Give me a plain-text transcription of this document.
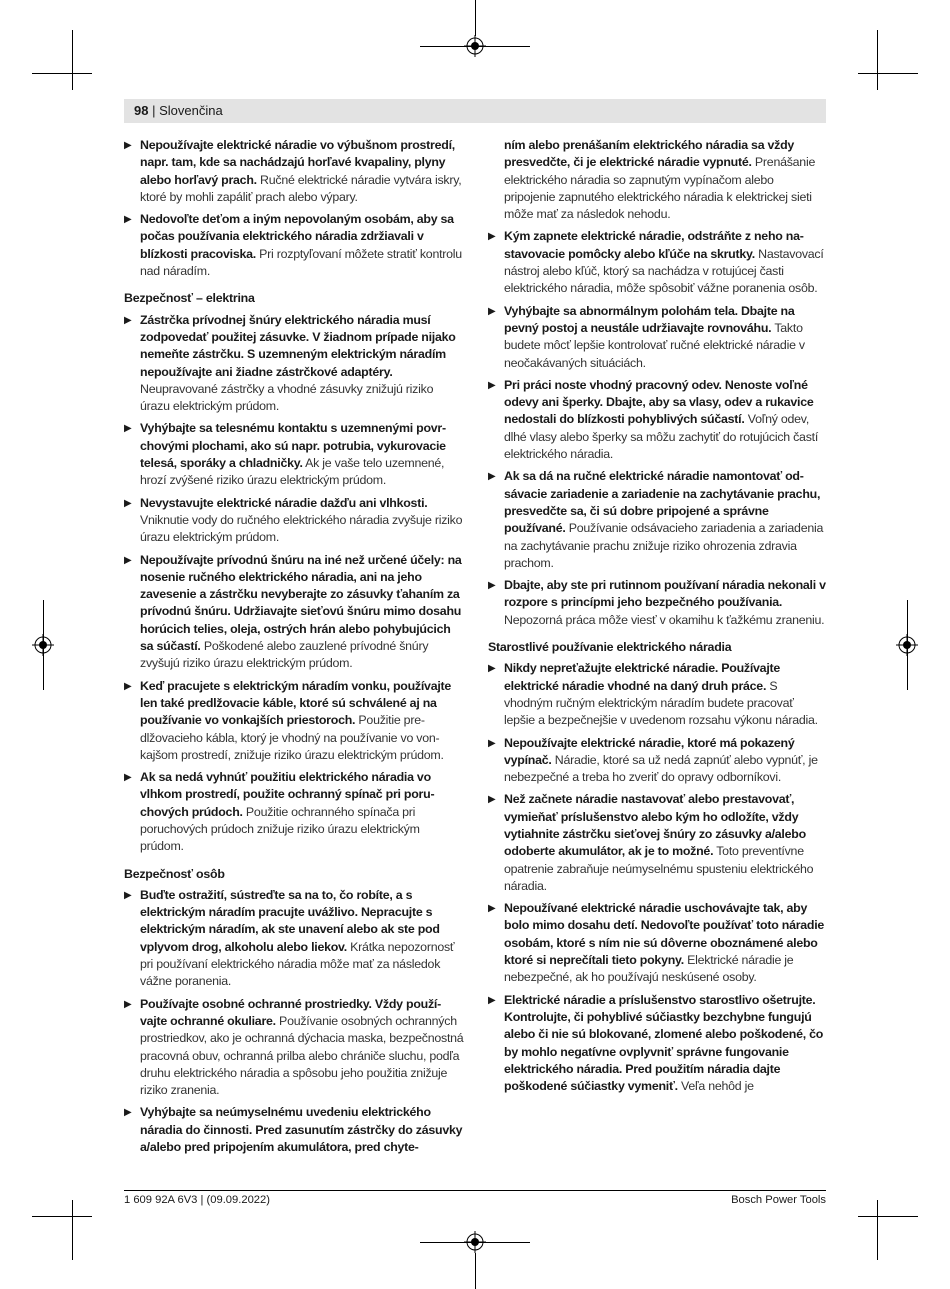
98 | Slovenčina
▶ Nepoužívajte elektrické náradie vo výbušnom prostredí, napr. tam, kde sa nachádzajú horľavé kvapaliny, plyny alebo horľavý prach. Ručné elektrické náradie vytvára iskry, ktoré by mohli zapáliť prach alebo výpary.
▶ Nedovoľte deťom a iným nepovolaným osobám, aby sa počas používania elektrického náradia zdržiavali v blízkosti pracoviska. Pri rozptyľovaní môžete stratiť kontrolu nad náradím.
Bezpečnosť – elektrina
▶ Zástrčka prívodnej šnúry elektrického náradia musí zodpovedať použitej zásuvke. V žiadnom prípade nijako nemeňte zástrčku. S uzemneným elektrickým náradím nepoužívajte ani žiadne zástrčkové adaptéry. Neupravované zástrčky a vhodné zásuvky znižujú riziko úrazu elektrickým prúdom.
▶ Vyhýbajte sa telesnému kontaktu s uzemnenými povrchovými plochami, ako sú napr. potrubia, vykurovacie telesá, sporáky a chladničky. Ak je vaše telo uzemnené, hrozí zvýšené riziko úrazu elektrickým prúdom.
▶ Nevystavujte elektrické náradie dažďu ani vlhkosti. Vniknutie vody do ručného elektrického náradia zvyšuje riziko úrazu elektrickým prúdom.
▶ Nepoužívajte prívodnú šnúru na iné než určené účely: na nosenie ručného elektrického náradia, ani na jeho zavesenie a zástrčku nevyberajte zo zásuvky ťahaním za prívodnú šnúru. Udržiavajte sieťovú šnúru mimo dosahu horúcich telies, oleja, ostrých hrán alebo pohybujúcich sa súčastí. Poškodené alebo zauzlené prívodné šnúry zvyšujú riziko úrazu elektrickým prúdom.
▶ Keď pracujete s elektrickým náradím vonku, používajte len také predlžovacie káble, ktoré sú schválené aj na používanie vo vonkajších priestoroch. Použitie predlžovacieho kábla, ktorý je vhodný na používanie vo vonkajšom prostredí, znižuje riziko úrazu elektrickým prúdom.
▶ Ak sa nedá vyhnúť použitiu elektrického náradia vo vlhkom prostredí, použite ochranný spínač pri poruchových prúdoch. Použitie ochranného spínača pri poruchových prúdoch znižuje riziko úrazu elektrickým prúdom.
Bezpečnosť osôb
▶ Buďte ostražití, sústreďte sa na to, čo robíte, a s elektrickým náradím pracujte uvážlivo. Nepracujte s elektrickým náradím, ak ste unavení alebo ak ste pod vplyvom drog, alkoholu alebo liekov. Krátka nepozornosť pri používaní elektrického náradia môže mať za následok vážne poranenia.
▶ Používajte osobné ochranné prostriedky. Vždy používajte ochranné okuliare. Používanie osobných ochranných prostriedkov, ako je ochranná dýchacia maska, bezpečnostná pracovná obuv, ochranná prilba alebo chrániče sluchu, podľa druhu elektrického náradia a spôsobu jeho použitia znižuje riziko zranenia.
▶ Vyhýbajte sa neúmyselnému uvedeniu elektrického náradia do činnosti. Pred zasunutím zástrčky do zásuvky a/alebo pred pripojením akumulátora, pred chyte-
ním alebo prenášaním elektrického náradia sa vždy presvedčte, či je elektrické náradie vypnuté. Prenášanie elektrického náradia so zapnutým vypínačom alebo pripojenie zapnutého elektrického náradia k elektrickej sieti môže mať za následok nehodu.
▶ Kým zapnete elektrické náradie, odstráňte z neho nastavovacie pomôcky alebo kľúče na skrutky. Nastavovací nástroj alebo kľúč, ktorý sa nachádza v rotujúcej časti elektrického náradia, môže spôsobiť vážne poranenia osôb.
▶ Vyhýbajte sa abnormálnym polohám tela. Dbajte na pevný postoj a neustále udržiavajte rovnováhu. Takto budete môcť lepšie kontrolovať ručné elektrické náradie v neočakávaných situáciách.
▶ Pri práci noste vhodný pracovný odev. Nenoste voľné odevy ani šperky. Dbajte, aby sa vlasy, odev a rukavice nedostali do blízkosti pohyblivých súčastí. Voľný odev, dlhé vlasy alebo šperky sa môžu zachytiť do rotujúcich častí elektrického náradia.
▶ Ak sa dá na ručné elektrické náradie namontovať odsávacie zariadenie a zariadenie na zachytávanie prachu, presvedčte sa, či sú dobre pripojené a správne používané. Používanie odsávacieho zariadenia a zariadenia na zachytávanie prachu znižuje riziko ohrozenia zdravia prachom.
▶ Dbajte, aby ste pri rutinnom používaní náradia nekonali v rozpore s princípmi jeho bezpečného používania. Nepozorná práca môže viesť v okamihu k ťažkému zraneniu.
Starostlivé používanie elektrického náradia
▶ Nikdy nepreťažujte elektrické náradie. Používajte elektrické náradie vhodné na daný druh práce. S vhodným ručným elektrickým náradím budete pracovať lepšie a bezpečnejšie v uvedenom rozsahu výkonu náradia.
▶ Nepoužívajte elektrické náradie, ktoré má pokazený vypínač. Náradie, ktoré sa už nedá zapnúť alebo vypnúť, je nebezpečné a treba ho zveriť do opravy odborníkovi.
▶ Než začnete náradie nastavovať alebo prestavovať, vymieňať príslušenstvo alebo kým ho odložíte, vždy vytiahnite zástrčku sieťovej šnúry zo zásuvky a/alebo odoberte akumulátor, ak je to možné. Toto preventívne opatrenie zabraňuje neúmyselnému spusteniu elektrického náradia.
▶ Nepoužívané elektrické náradie uschovávajte tak, aby bolo mimo dosahu detí. Nedovoľte používať toto náradie osobám, ktoré s ním nie sú dôverne oboznámené alebo ktoré si neprečítali tieto pokyny. Elektrické náradie je nebezpečné, ak ho používajú neskúsené osoby.
▶ Elektrické náradie a príslušenstvo starostlivo ošetrujte. Kontrolujte, či pohyblivé súčiastky bezchybne fungujú alebo či nie sú blokované, zlomené alebo poškodené, čo by mohlo negatívne ovplyvniť správne fungovanie elektrického náradia. Pred použitím náradia dajte poškodené súčiastky vymeniť. Veľa nehôd je
1 609 92A 6V3 | (09.09.2022)	Bosch Power Tools
